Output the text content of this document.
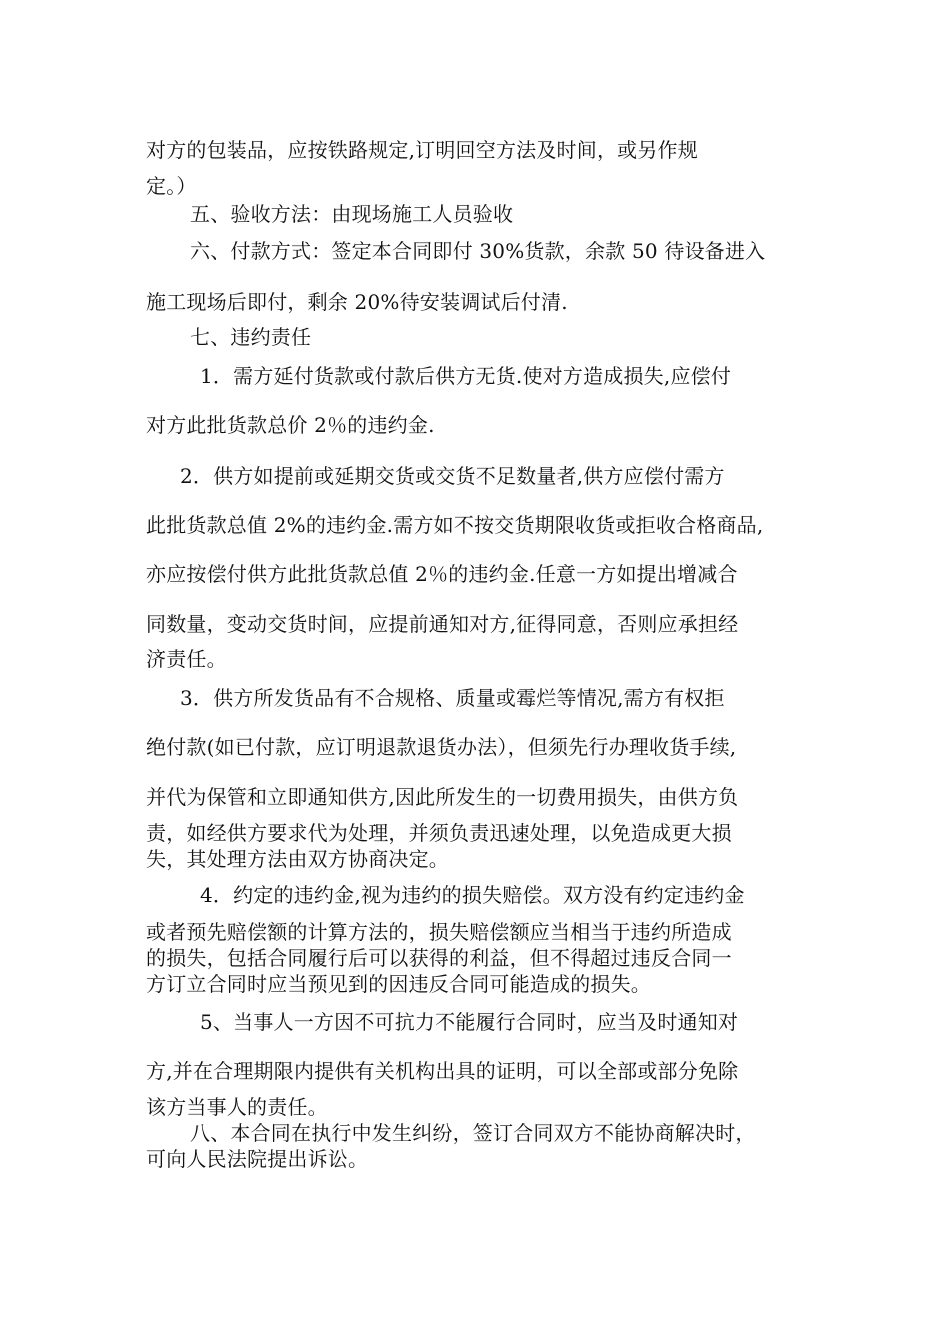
对方的包装品，应按铁路规定,订明回空方法及时间，或另作规
定。）
五、验收方法：由现场施工人员验收
六、付款方式：签定本合同即付 30%货款，余款 50 待设备进入
施工现场后即付，剩余 20%待安装调试后付清.
七、违约责任
1．需方延付货款或付款后供方无货.使对方造成损失,应偿付
对方此批货款总价 2％的违约金.
2．供方如提前或延期交货或交货不足数量者,供方应偿付需方
此批货款总值 2%的违约金.需方如不按交货期限收货或拒收合格商品,
亦应按偿付供方此批货款总值 2％的违约金.任意一方如提出增减合
同数量，变动交货时间，应提前通知对方,征得同意，否则应承担经
济责任。
3．供方所发货品有不合规格、质量或霉烂等情况,需方有权拒
绝付款(如已付款，应订明退款退货办法），但须先行办理收货手续,
并代为保管和立即通知供方,因此所发生的一切费用损失，由供方负
责，如经供方要求代为处理，并须负责迅速处理，以免造成更大损
失，其处理方法由双方协商决定。
4．约定的违约金,视为违约的损失赔偿。双方没有约定违约金
或者预先赔偿额的计算方法的，损失赔偿额应当相当于违约所造成
的损失，包括合同履行后可以获得的利益，但不得超过违反合同一
方订立合同时应当预见到的因违反合同可能造成的损失。
5、当事人一方因不可抗力不能履行合同时，应当及时通知对
方,并在合理期限内提供有关机构出具的证明，可以全部或部分免除
该方当事人的责任。
八、本合同在执行中发生纠纷，签订合同双方不能协商解决时，
可向人民法院提出诉讼。
